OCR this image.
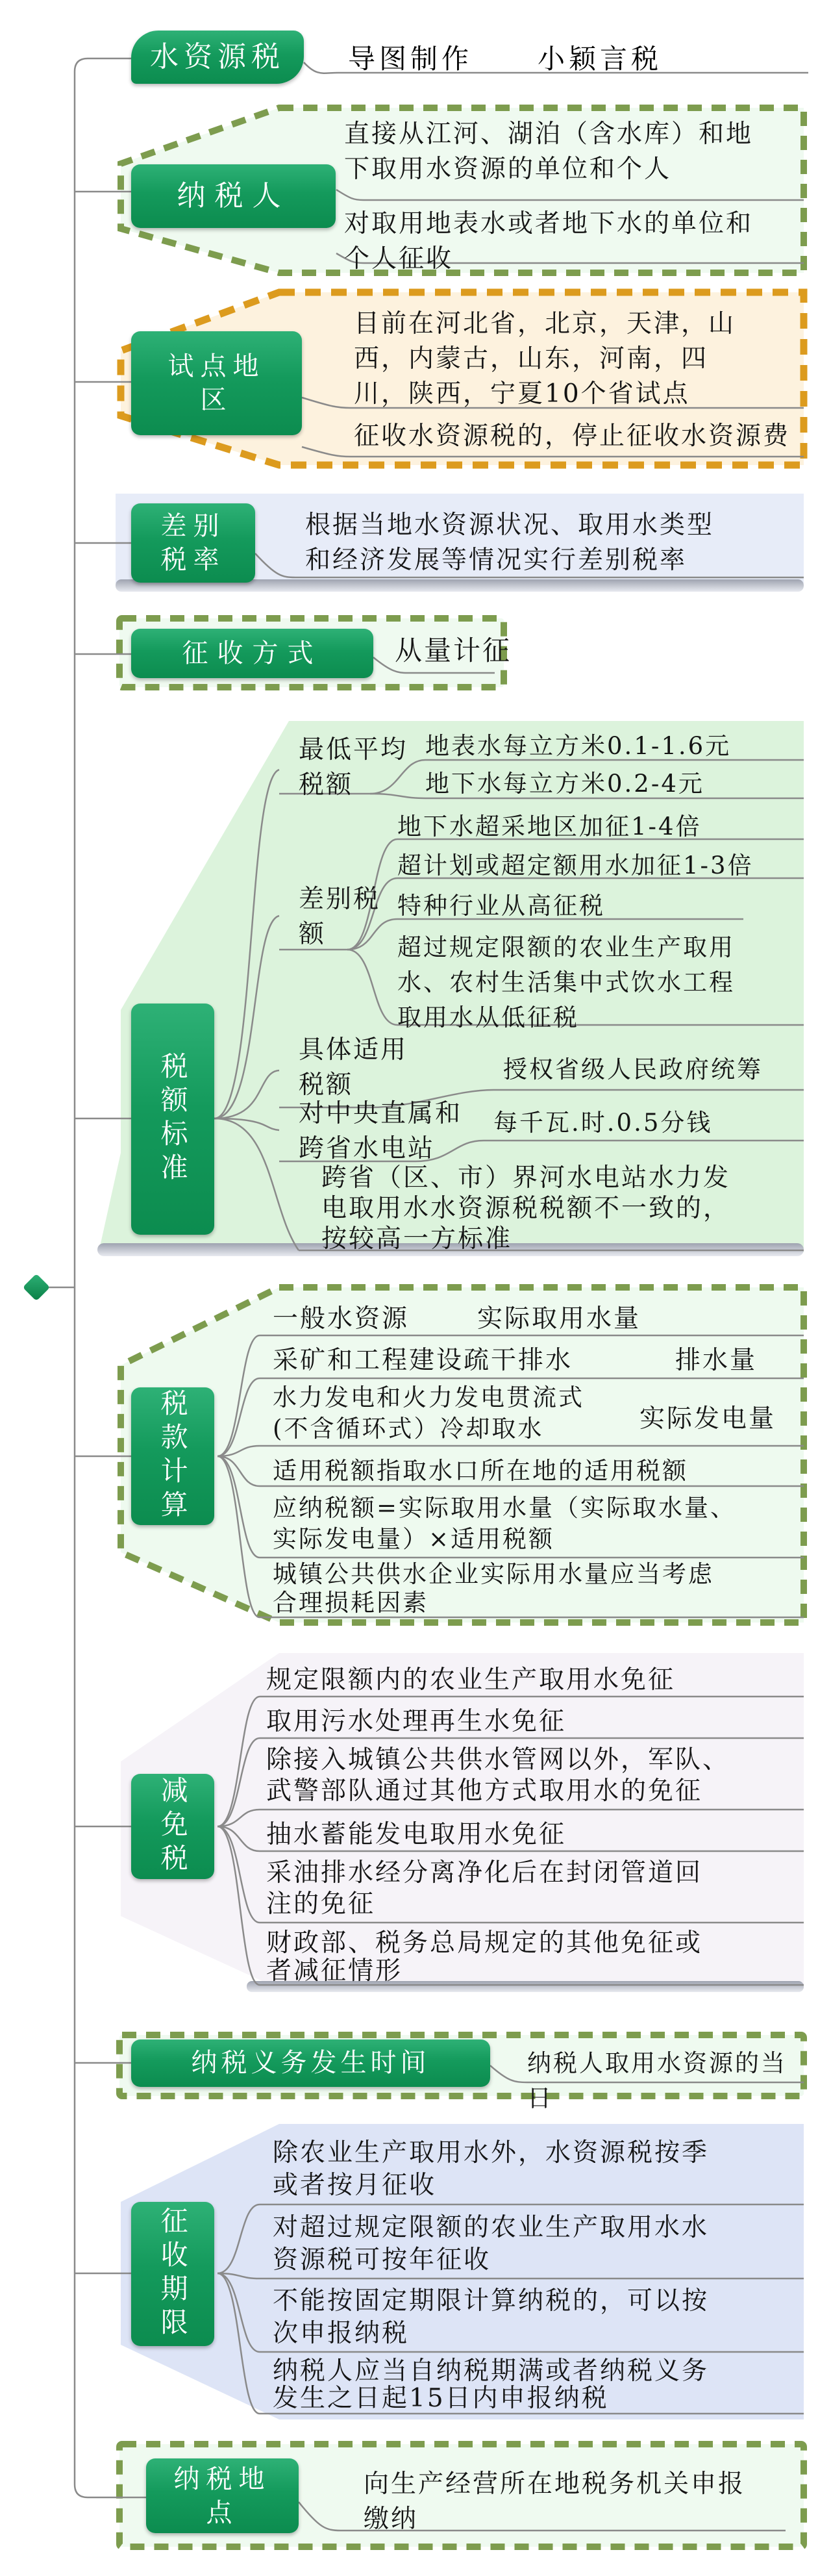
水资源税 导图制作 小颖言税
纳税人
直接从江河、湖泊（含水库）和地下取用水资源的单位和个人
对取用地表水或者地下水的单位和个人征收
试点地区
目前在河北省，北京，天津，山西，内蒙古，山东，河南，四川，陕西，宁夏10个省试点
征收水资源税的，停止征收水资源费
差别税率
根据当地水资源状况、取用水类型和经济发展等情况实行差别税率
征收方式	从量计征
税额标准
最低平均税额
地表水每立方米0.1-1.6元
地下水每立方米0.2-4元
差别税额
地下水超采地区加征1-4倍
超计划或超定额用水加征1-3倍
特种行业从高征税
超过规定限额的农业生产取用水、农村生活集中式饮水工程取用水从低征税
具体适用税额
授权省级人民政府统筹
对中央直属和跨省水电站
每千瓦.时.0.5分钱
跨省（区、市）界河水电站水力发电取用水水资源税税额不一致的，按较高一方标准
税款计算
一般水资源	实际取用水量
采矿和工程建设疏干排水	排水量
水力发电和火力发电贯流式(不含循环式）冷却取水	实际发电量
适用税额指取水口所在地的适用税额
应纳税额=实际取用水量（实际取水量、实际发电量）×适用税额
城镇公共供水企业实际用水量应当考虑合理损耗因素
减免税
规定限额内的农业生产取用水免征
取用污水处理再生水免征
除接入城镇公共供水管网以外，军队、武警部队通过其他方式取用水的免征
抽水蓄能发电取用水免征
采油排水经分离净化后在封闭管道回注的免征
财政部、税务总局规定的其他免征或者减征情形
纳税义务发生时间	纳税人取用水资源的当日
征收期限
除农业生产取用水外，水资源税按季或者按月征收
对超过规定限额的农业生产取用水水资源税可按年征收
不能按固定期限计算纳税的，可以按次申报纳税
纳税人应当自纳税期满或者纳税义务发生之日起15日内申报纳税
纳税地点
向生产经营所在地税务机关申报缴纳
